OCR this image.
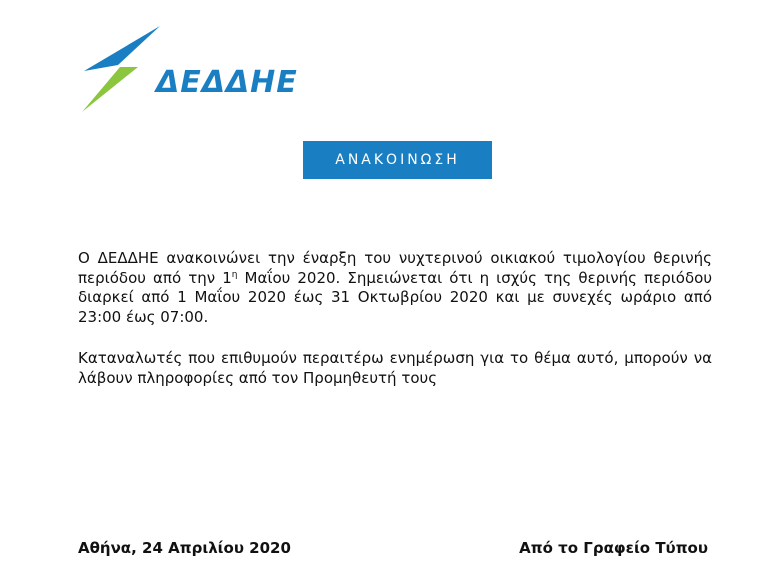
ΔΕΔΔΗΕ
ΑΝΑΚΟΙΝΩΣΗ

Ο ΔΕΔΔΗΕ ανακοινώνει την έναρξη του νυχτερινού οικιακού τιμολογίου θερινής περιόδου από την $1^\eta$ Μαΐου 2020. Σημειώνεται ότι η ισχύς της θερινής περιόδου διαρκεί από 1 Μαΐου 2020 έως 31 Οκτωβρίου 2020 και με συνεχές ωράριο από 23:00 έως 07:00.

Καταναλωτές που επιθυμούν περαιτέρω ενημέρωση για το θέμα αυτό, μπορούν να λάβουν πληροφορίες από τον Προμηθευτή τους

Αθήνα, 24 Απριλίου 2020	Από το Γραφείο Τύπου
